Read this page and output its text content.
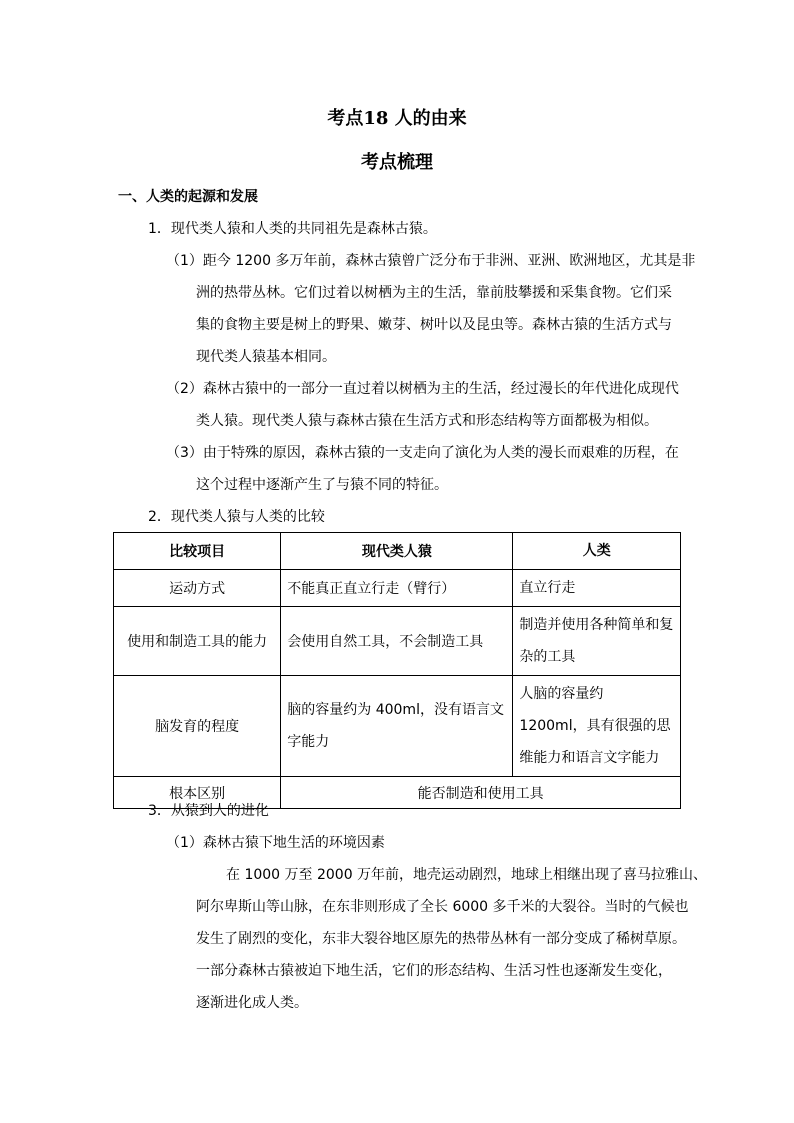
考点18 人的由来
考点梳理
一、人类的起源和发展
1．现代类人猿和人类的共同祖先是森林古猿。
（1）距今 1200 多万年前，森林古猿曾广泛分布于非洲、亚洲、欧洲地区，尤其是非
洲的热带丛林。它们过着以树栖为主的生活，靠前肢攀援和采集食物。它们采
集的食物主要是树上的野果、嫩芽、树叶以及昆虫等。森林古猿的生活方式与
现代类人猿基本相同。
（2）森林古猿中的一部分一直过着以树栖为主的生活，经过漫长的年代进化成现代
类人猿。现代类人猿与森林古猿在生活方式和形态结构等方面都极为相似。
（3）由于特殊的原因，森林古猿的一支走向了演化为人类的漫长而艰难的历程，在
这个过程中逐渐产生了与猿不同的特征。
2．现代类人猿与人类的比较
比较项目	现代类人猿	人类
运动方式	不能真正直立行走（臂行）	直立行走
使用和制造工具的能力	会使用自然工具，不会制造工具	制造并使用各种简单和复杂的工具
脑发育的程度	脑的容量约为 400ml，没有语言文字能力	人脑的容量约 1200ml，具有很强的思维能力和语言文字能力
根本区别	能否制造和使用工具	
3．从猿到人的进化
（1）森林古猿下地生活的环境因素
在 1000 万至 2000 万年前，地壳运动剧烈，地球上相继出现了喜马拉雅山、
阿尔卑斯山等山脉，在东非则形成了全长 6000 多千米的大裂谷。当时的气候也
发生了剧烈的变化，东非大裂谷地区原先的热带丛林有一部分变成了稀树草原。
一部分森林古猿被迫下地生活，它们的形态结构、生活习性也逐渐发生变化，
逐渐进化成人类。
